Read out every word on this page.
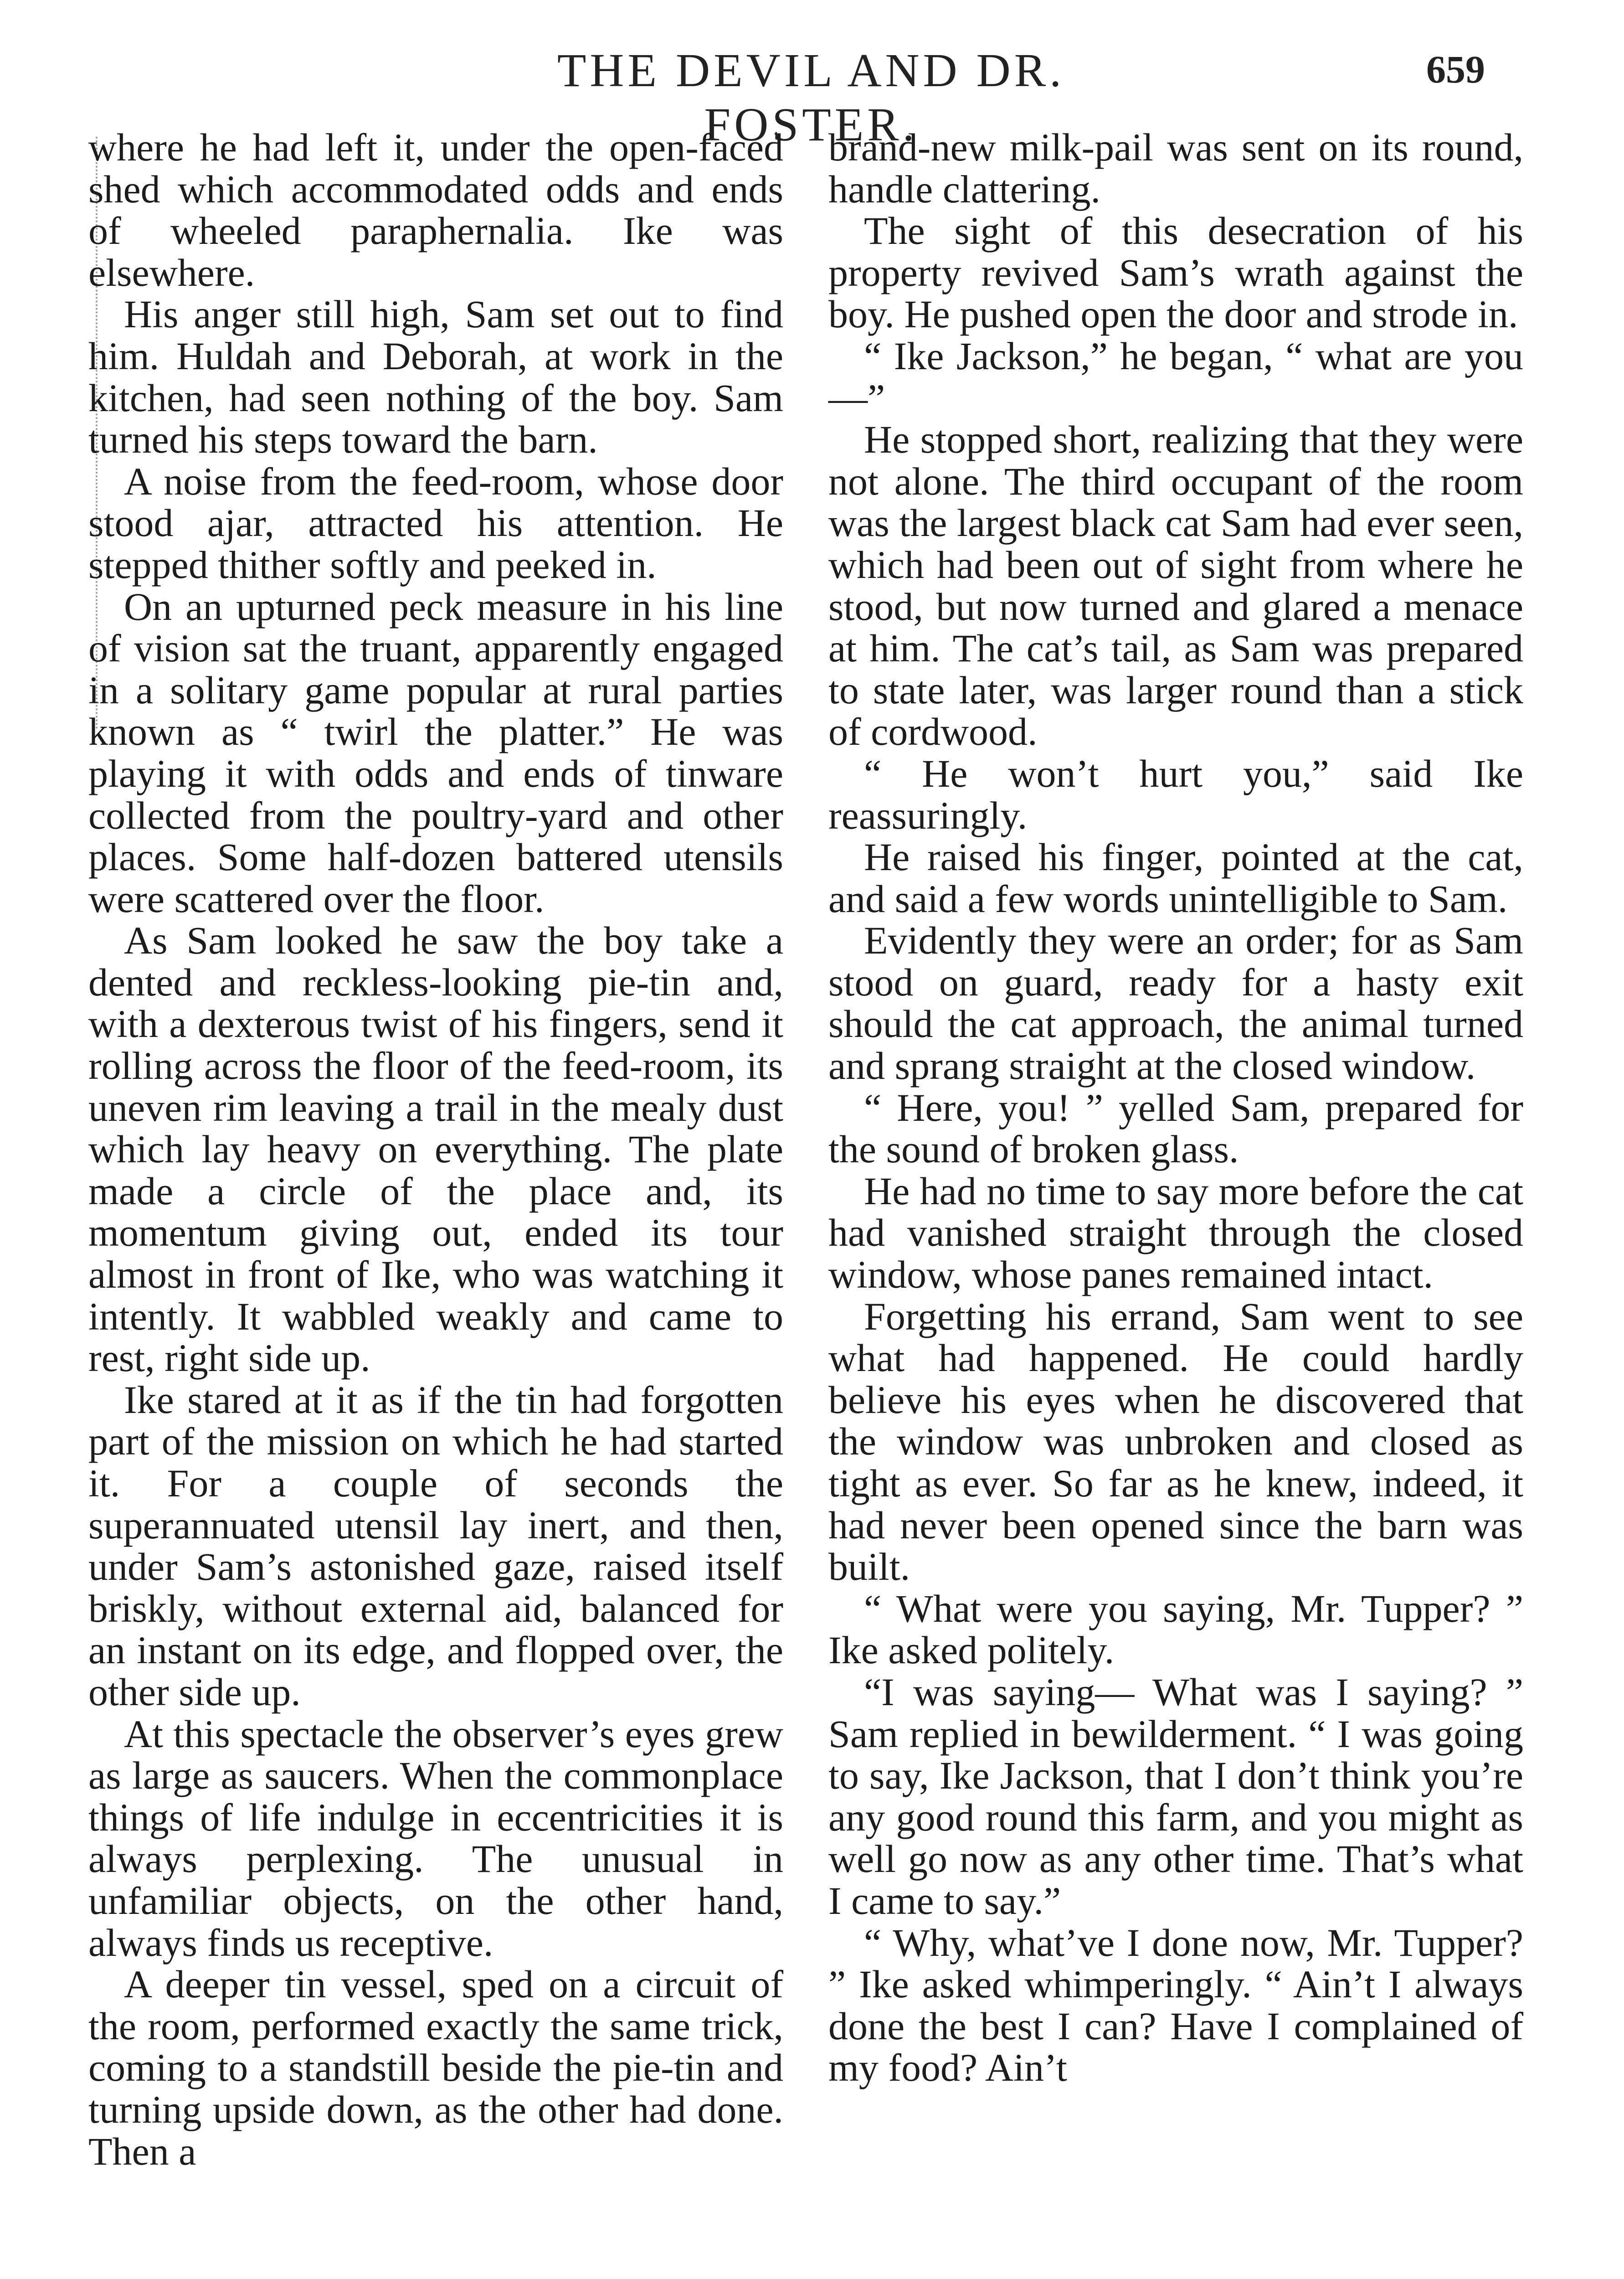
THE DEVIL AND DR. FOSTER.
659

where he had left it, under the open-faced shed which accommodated odds and ends of wheeled paraphernalia. Ike was elsewhere.

His anger still high, Sam set out to find him. Huldah and Deborah, at work in the kitchen, had seen nothing of the boy. Sam turned his steps toward the barn.

A noise from the feed-room, whose door stood ajar, attracted his attention. He stepped thither softly and peeked in.

On an upturned peck measure in his line of vision sat the truant, apparently engaged in a solitary game popular at rural parties known as “ twirl the platter.” He was playing it with odds and ends of tinware collected from the poultry-yard and other places. Some half-dozen battered utensils were scattered over the floor.

As Sam looked he saw the boy take a dented and reckless-looking pie-tin and, with a dexterous twist of his fingers, send it rolling across the floor of the feed-room, its uneven rim leaving a trail in the mealy dust which lay heavy on everything. The plate made a circle of the place and, its momentum giving out, ended its tour almost in front of Ike, who was watching it intently. It wabbled weakly and came to rest, right side up.

Ike stared at it as if the tin had forgotten part of the mission on which he had started it. For a couple of seconds the superannuated utensil lay inert, and then, under Sam’s astonished gaze, raised itself briskly, without external aid, balanced for an instant on its edge, and flopped over, the other side up.

At this spectacle the observer’s eyes grew as large as saucers. When the commonplace things of life indulge in eccentricities it is always perplexing. The unusual in unfamiliar objects, on the other hand, always finds us receptive.

A deeper tin vessel, sped on a circuit of the room, performed exactly the same trick, coming to a standstill beside the pie-tin and turning upside down, as the other had done. Then a

brand-new milk-pail was sent on its round, handle clattering.

The sight of this desecration of his property revived Sam’s wrath against the boy. He pushed open the door and strode in.

“ Ike Jackson,” he began, “ what are you—”

He stopped short, realizing that they were not alone. The third occupant of the room was the largest black cat Sam had ever seen, which had been out of sight from where he stood, but now turned and glared a menace at him. The cat’s tail, as Sam was prepared to state later, was larger round than a stick of cordwood.

“ He won’t hurt you,” said Ike reassuringly.

He raised his finger, pointed at the cat, and said a few words unintelligible to Sam.

Evidently they were an order; for as Sam stood on guard, ready for a hasty exit should the cat approach, the animal turned and sprang straight at the closed window.

“ Here, you! ” yelled Sam, prepared for the sound of broken glass.

He had no time to say more before the cat had vanished straight through the closed window, whose panes remained intact.

Forgetting his errand, Sam went to see what had happened. He could hardly believe his eyes when he discovered that the window was unbroken and closed as tight as ever. So far as he knew, indeed, it had never been opened since the barn was built.

“ What were you saying, Mr. Tupper? ” Ike asked politely.

“I was saying— What was I saying? ” Sam replied in bewilderment. “ I was going to say, Ike Jackson, that I don’t think you’re any good round this farm, and you might as well go now as any other time. That’s what I came to say.”

“ Why, what’ve I done now, Mr. Tupper? ” Ike asked whimperingly. “ Ain’t I always done the best I can? Have I complained of my food? Ain’t
